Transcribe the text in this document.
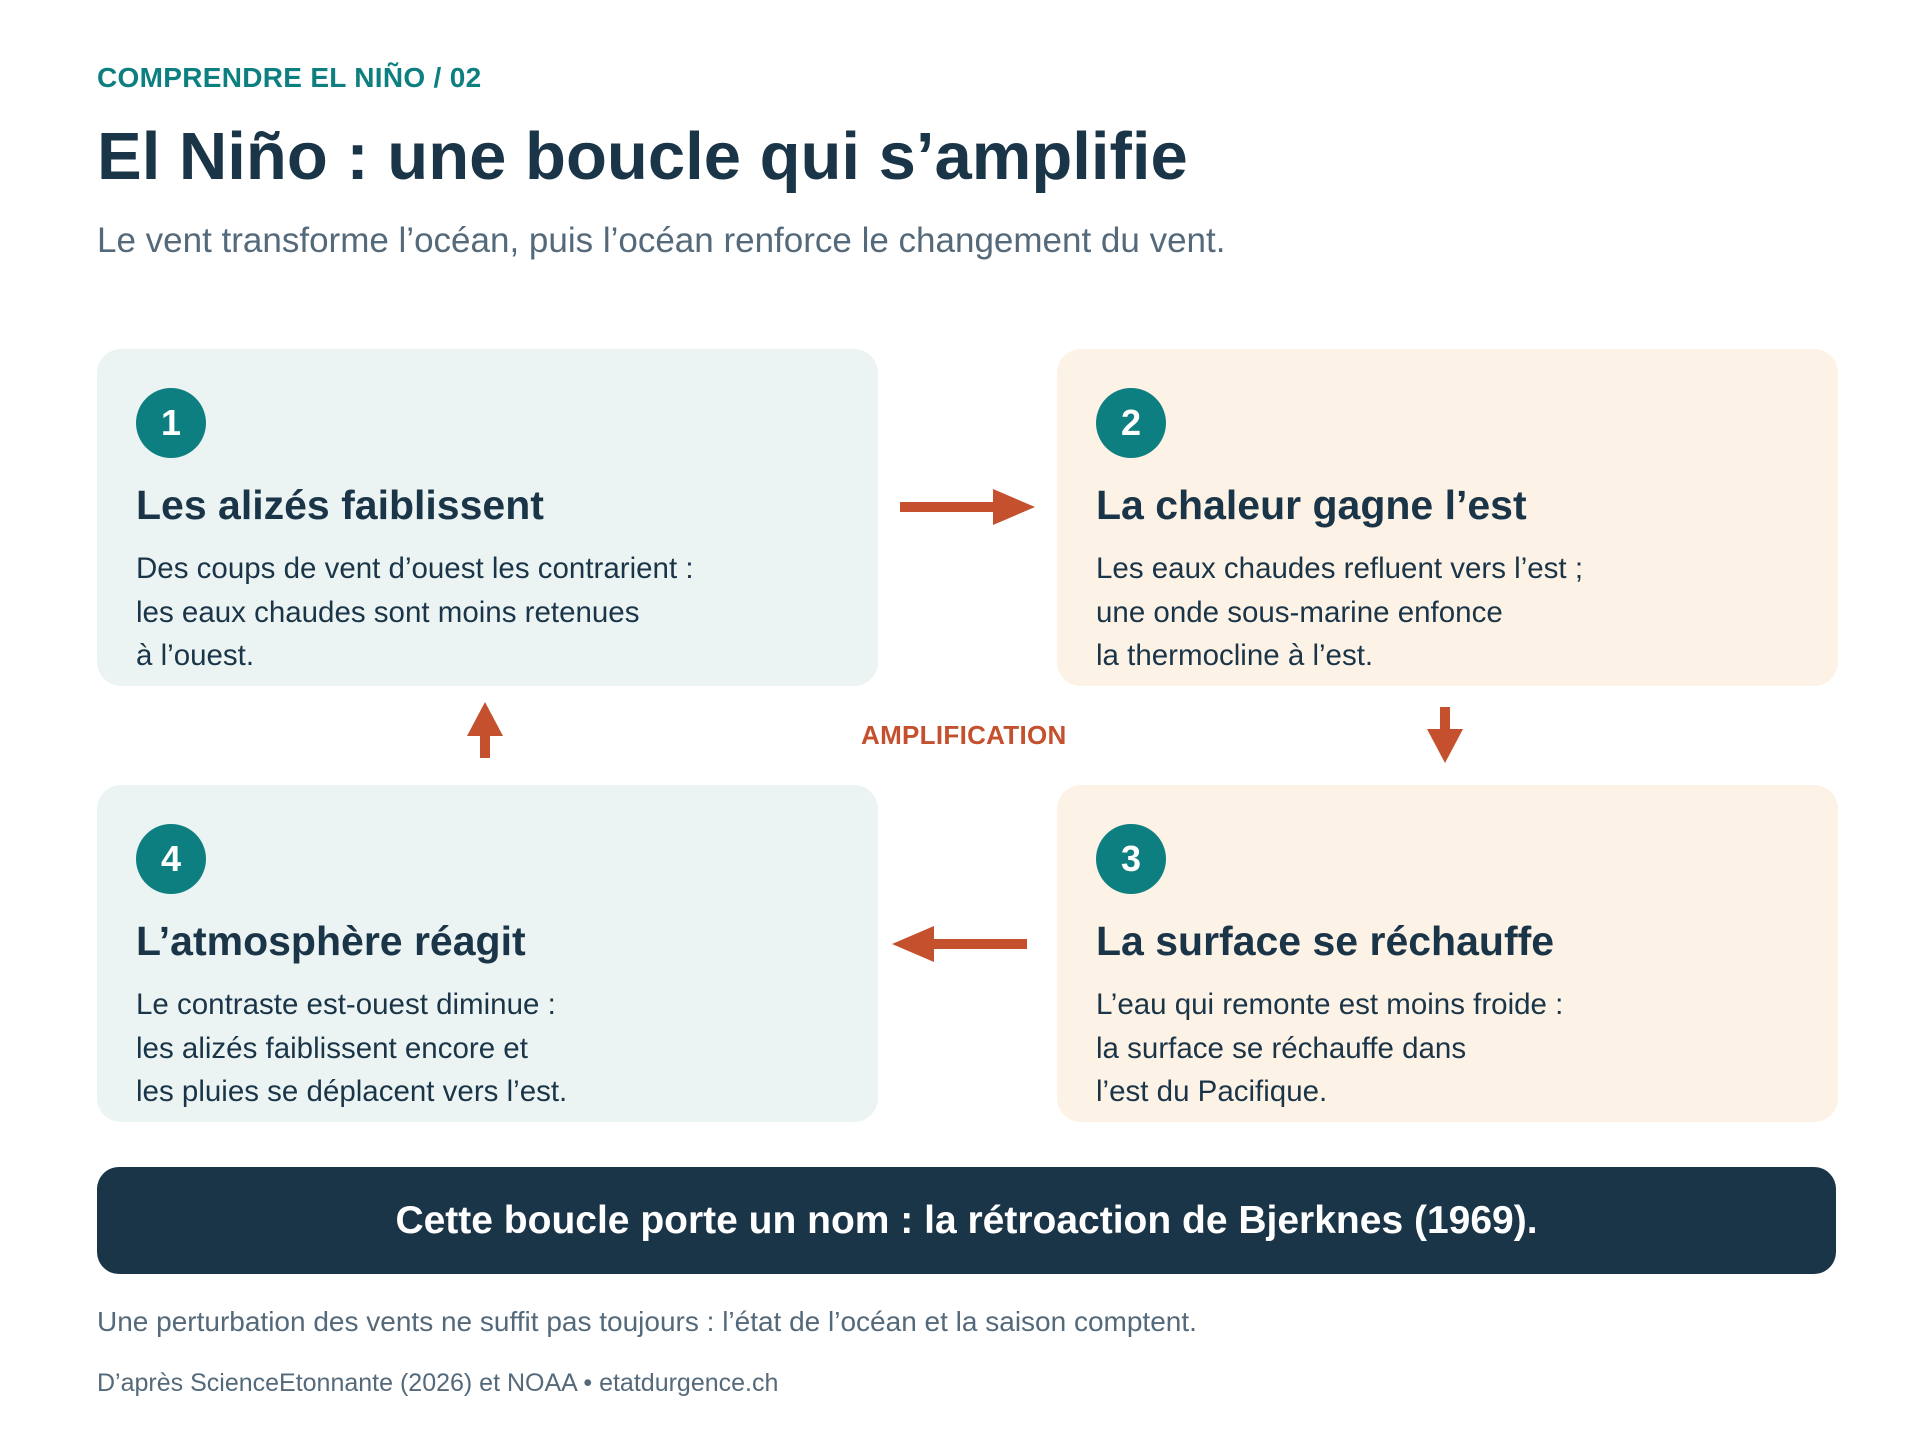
COMPRENDRE EL NIÑO / 02
El Niño : une boucle qui s’amplifie
Le vent transforme l’océan, puis l’océan renforce le changement du vent.
1
Les alizés faiblissent
Des coups de vent d’ouest les contrarient :
les eaux chaudes sont moins retenues
à l’ouest.
2
La chaleur gagne l’est
Les eaux chaudes refluent vers l’est ;
une onde sous-marine enfonce
la thermocline à l’est.
3
La surface se réchauffe
L’eau qui remonte est moins froide :
la surface se réchauffe dans
l’est du Pacifique.
4
L’atmosphère réagit
Le contraste est-ouest diminue :
les alizés faiblissent encore et
les pluies se déplacent vers l’est.
AMPLIFICATION
Cette boucle porte un nom : la rétroaction de Bjerknes (1969).
Une perturbation des vents ne suffit pas toujours : l’état de l’océan et la saison comptent.
D’après ScienceEtonnante (2026) et NOAA • etatdurgence.ch
